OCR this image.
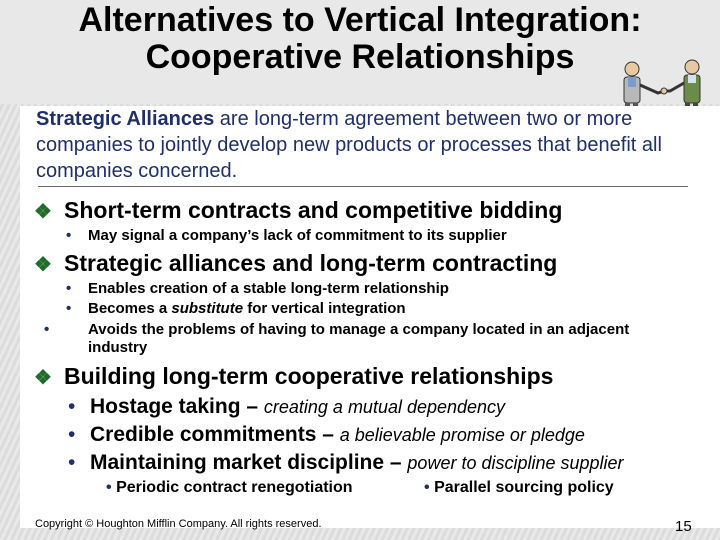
Alternatives to Vertical Integration:
Cooperative Relationships
Strategic Alliances are long-term agreement between two or more companies to jointly develop new products or processes that benefit all companies concerned.
❖ Short-term contracts and competitive bidding
• May signal a company’s lack of commitment to its supplier
❖ Strategic alliances and long-term contracting
• Enables creation of a stable long-term relationship
• Becomes a substitute for vertical integration
•	Avoids the problems of having to manage a company located in an adjacent industry
❖ Building long-term cooperative relationships
• Hostage taking – creating a mutual dependency
• Credible commitments – a believable promise or pledge
• Maintaining market discipline – power to discipline supplier
• Periodic contract renegotiation	• Parallel sourcing policy
Copyright © Houghton Mifflin Company. All rights reserved.	15
